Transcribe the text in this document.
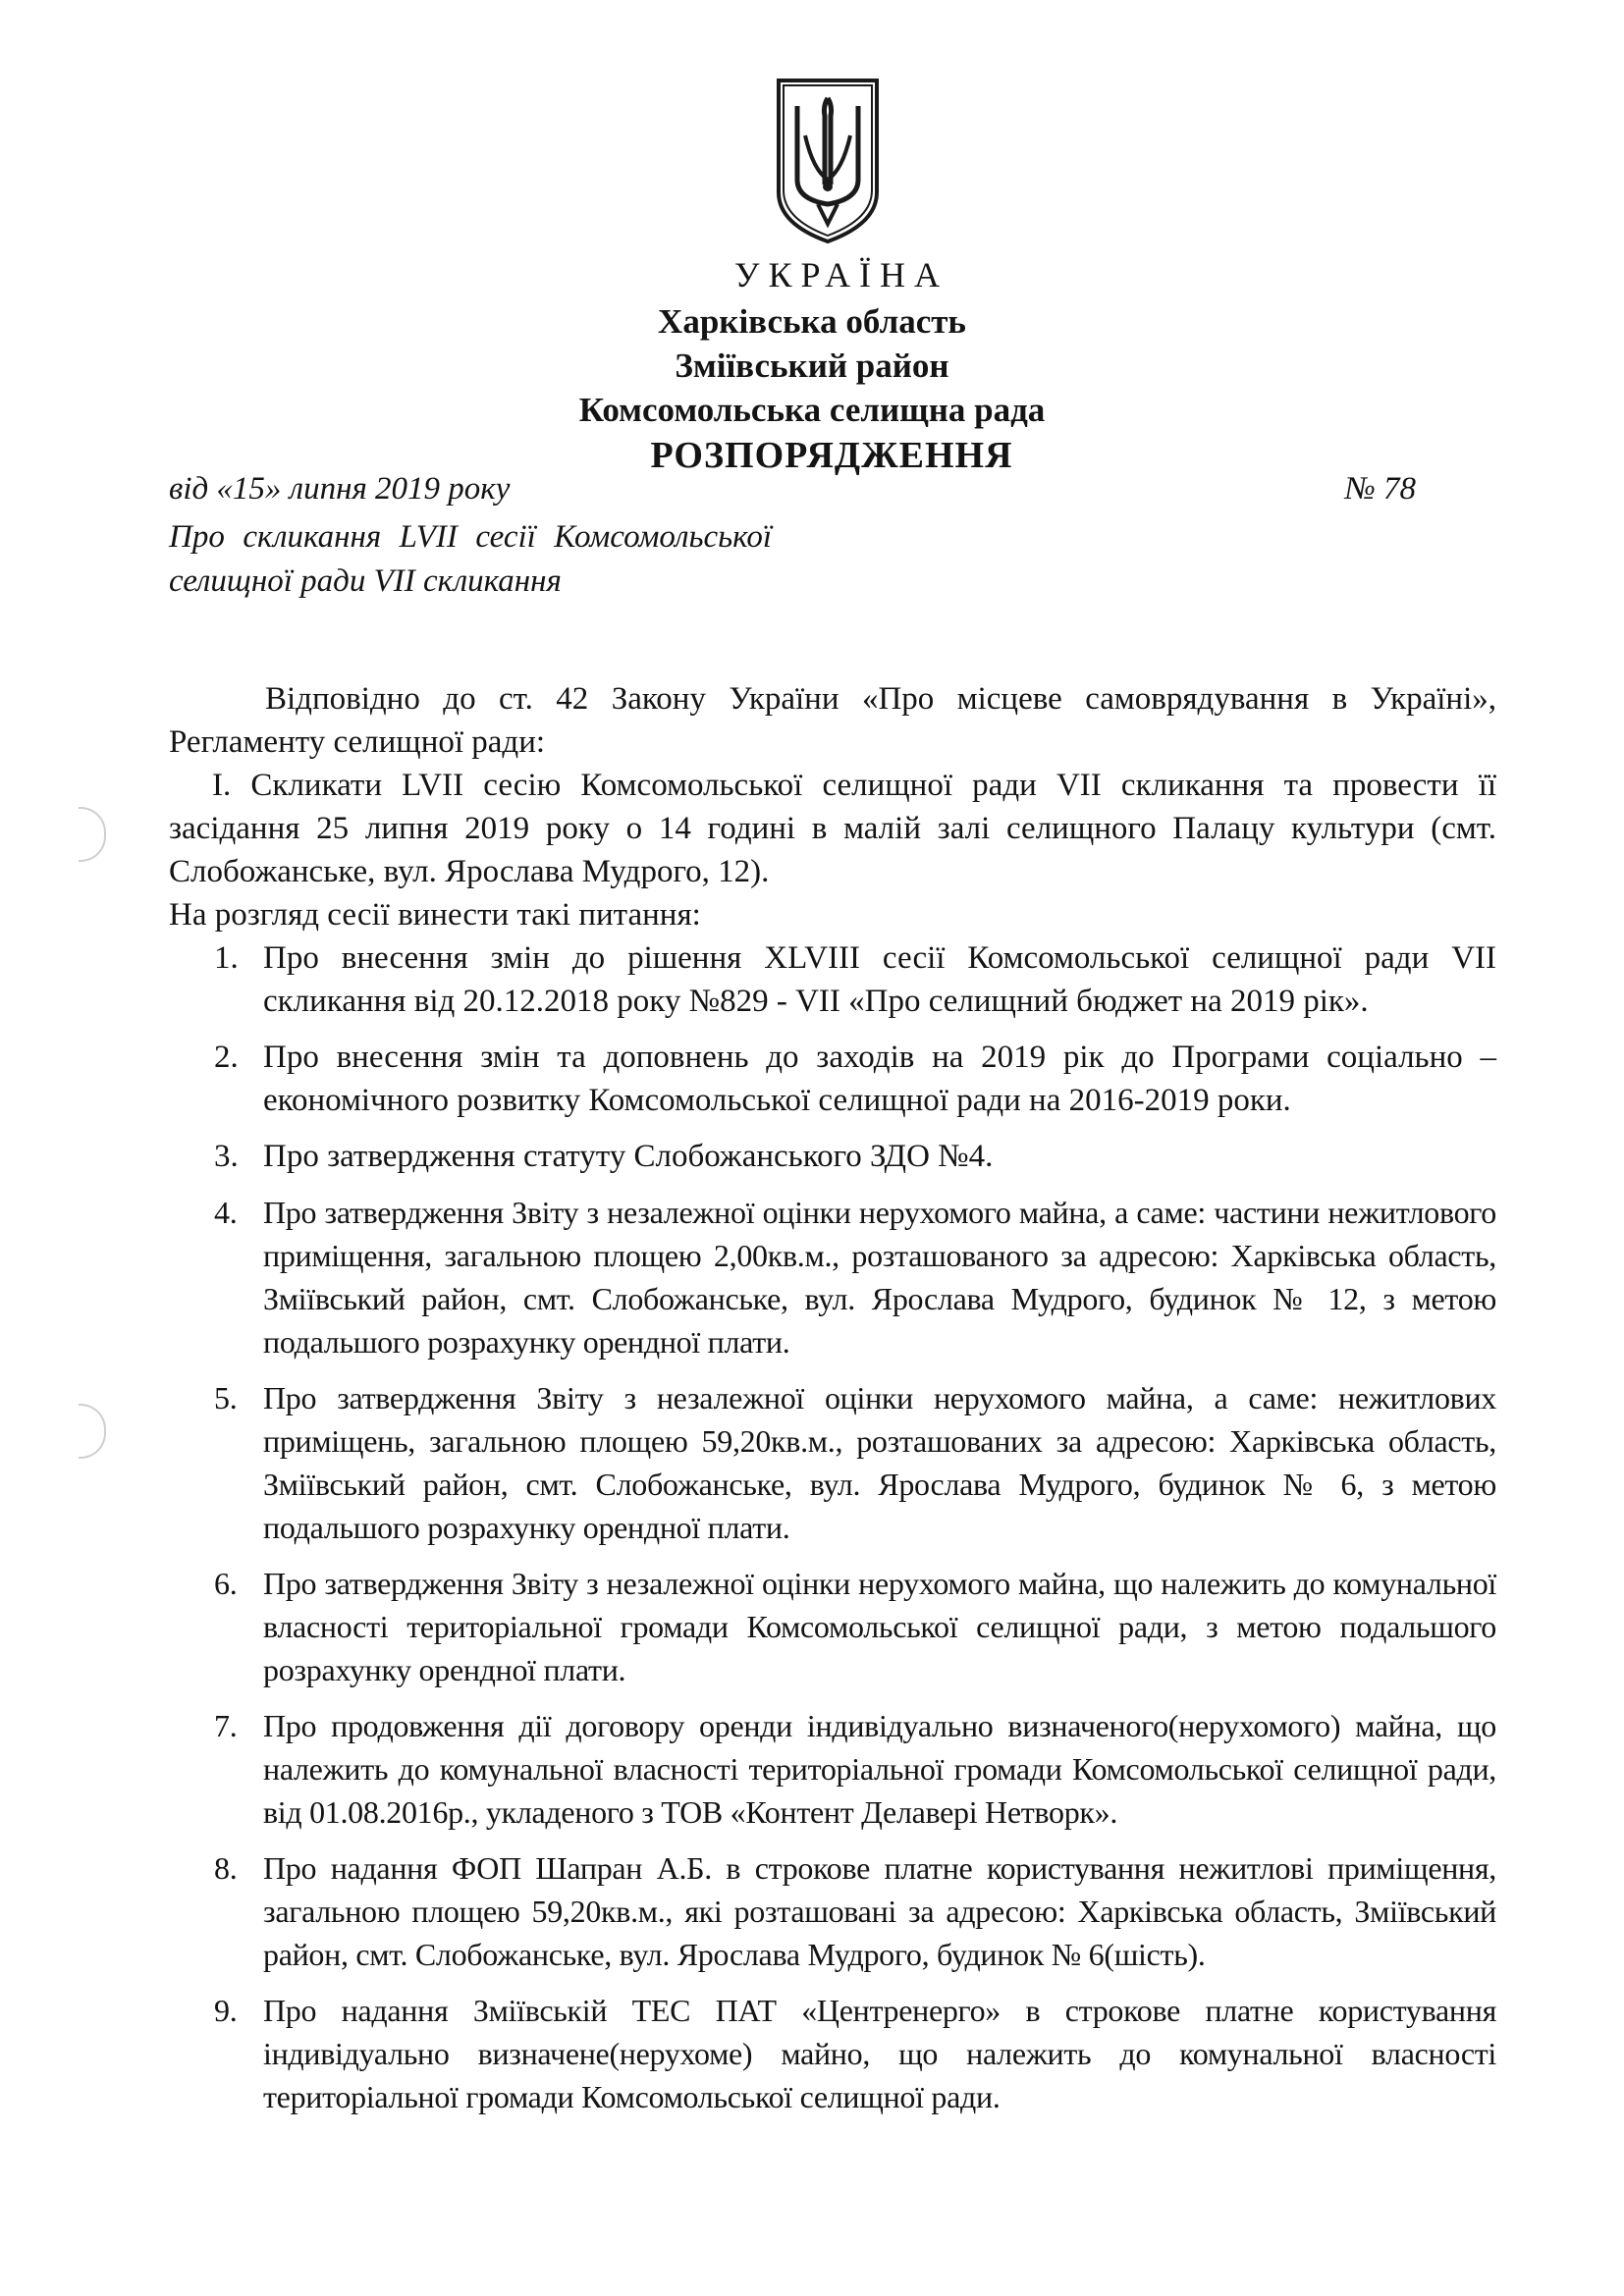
УКРАЇНА
Харківська область
Зміївський район
Комсомольська селищна рада
РОЗПОРЯДЖЕННЯ
від «15» липня 2019 року	№ 78
Про скликання LVII сесії Комсомольської селищної ради VII скликання

Відповідно до ст. 42 Закону України «Про місцеве самоврядування в Україні», Регламенту селищної ради:

І. Скликати LVII сесію Комсомольської селищної ради VII скликання та провести її засідання 25 липня 2019 року о 14 годині в малій залі селищного Палацу культури (смт. Слобожанське, вул. Ярослава Мудрого, 12).

На розгляд сесії винести такі питання:

1. Про внесення змін до рішення XLVIII сесії Комсомольської селищної ради VII скликання від 20.12.2018 року №829 - VII «Про селищний бюджет на 2019 рік».
2. Про внесення змін та доповнень до заходів на 2019 рік до Програми соціально – економічного розвитку Комсомольської селищної ради на 2016-2019 роки.
3. Про затвердження статуту Слобожанського ЗДО №4.
4. Про затвердження Звіту з незалежної оцінки нерухомого майна, а саме: частини нежитлового приміщення, загальною площею 2,00кв.м., розташованого за адресою: Харківська область, Зміївський район, смт. Слобожанське, вул. Ярослава Мудрого, будинок № 12, з метою подальшого розрахунку орендної плати.
5. Про затвердження Звіту з незалежної оцінки нерухомого майна, а саме: нежитлових приміщень, загальною площею 59,20кв.м., розташованих за адресою: Харківська область, Зміївський район, смт. Слобожанське, вул. Ярослава Мудрого, будинок № 6, з метою подальшого розрахунку орендної плати.
6. Про затвердження Звіту з незалежної оцінки нерухомого майна, що належить до комунальної власності територіальної громади Комсомольської селищної ради, з метою подальшого розрахунку орендної плати.
7. Про продовження дії договору оренди індивідуально визначеного(нерухомого) майна, що належить до комунальної власності територіальної громади Комсомольської селищної ради, від 01.08.2016р., укладеного з ТОВ «Контент Делавері Нетворк».
8. Про надання ФОП Шапран А.Б. в строкове платне користування нежитлові приміщення, загальною площею 59,20кв.м., які розташовані за адресою: Харківська область, Зміївський район, смт. Слобожанське, вул. Ярослава Мудрого, будинок № 6(шість).
9. Про надання Зміївській ТЕС ПАТ «Центренерго» в строкове платне користування індивідуально визначене(нерухоме) майно, що належить до комунальної власності територіальної громади Комсомольської селищної ради.
